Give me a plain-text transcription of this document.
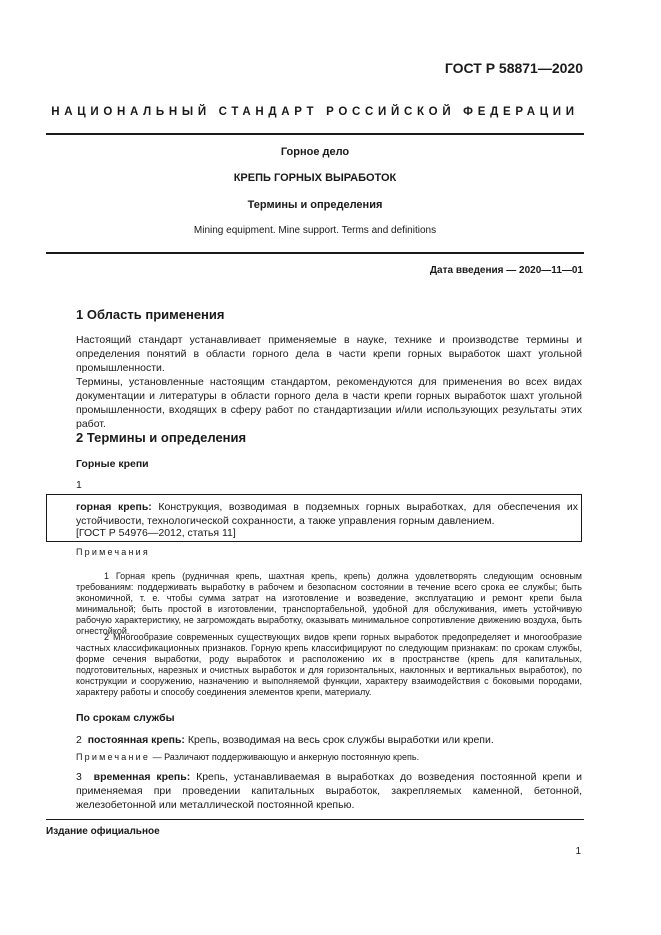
ГОСТ Р 58871—2020
НАЦИОНАЛЬНЫЙ СТАНДАРТ РОССИЙСКОЙ ФЕДЕРАЦИИ
Горное дело
КРЕПЬ ГОРНЫХ ВЫРАБОТОК
Термины и определения
Mining equipment. Mine support. Terms and definitions
Дата введения — 2020—11—01
1 Область применения

Настоящий стандарт устанавливает применяемые в науке, технике и производстве термины и определения понятий в области горного дела в части крепи горных выработок шахт угольной промышленности.

Термины, установленные настоящим стандартом, рекомендуются для применения во всех видах документации и литературы в области горного дела в части крепи горных выработок шахт угольной промышленности, входящих в сферу работ по стандартизации и/или использующих результаты этих работ.

2 Термины и определения
Горные крепи
1
горная крепь: Конструкция, возводимая в подземных горных выработках, для обеспечения их устойчивости, технологической сохранности, а также управления горным давлением.
[ГОСТ Р 54976—2012, статья 11]
Примечания
1 Горная крепь (рудничная крепь, шахтная крепь, крепь) должна удовлетворять следующим основным требованиям: поддерживать выработку в рабочем и безопасном состоянии в течение всего срока ее службы; быть экономичной, т. е. чтобы сумма затрат на изготовление и возведение, эксплуатацию и ремонт крепи была минимальной; быть простой в изготовлении, транспортабельной, удобной для обслуживания, иметь устойчивую рабочую характеристику, не загромождать выработку, оказывать минимальное сопротивление движению воздуха, быть огнестойкой.
2 Многообразие современных существующих видов крепи горных выработок предопределяет и многообразие частных классификационных признаков. Горную крепь классифицируют по следующим признакам: по срокам службы, форме сечения выработки, роду выработок и расположению их в пространстве (крепь для капитальных, подготовительных, нарезных и очистных выработок и для горизонтальных, наклонных и вертикальных выработок), по конструкции и сооружению, назначению и выполняемой функции, характеру взаимодействия с боковыми породами, характеру работы и способу соединения элементов крепи, материалу.
По срокам службы
2 постоянная крепь: Крепь, возводимая на весь срок службы выработки или крепи.
Примечание — Различают поддерживающую и анкерную постоянную крепь.
3 временная крепь: Крепь, устанавливаемая в выработках до возведения постоянной крепи и применяемая при проведении капитальных выработок, закрепляемых каменной, бетонной, железобетонной или металлической постоянной крепью.
Издание официальное
1
